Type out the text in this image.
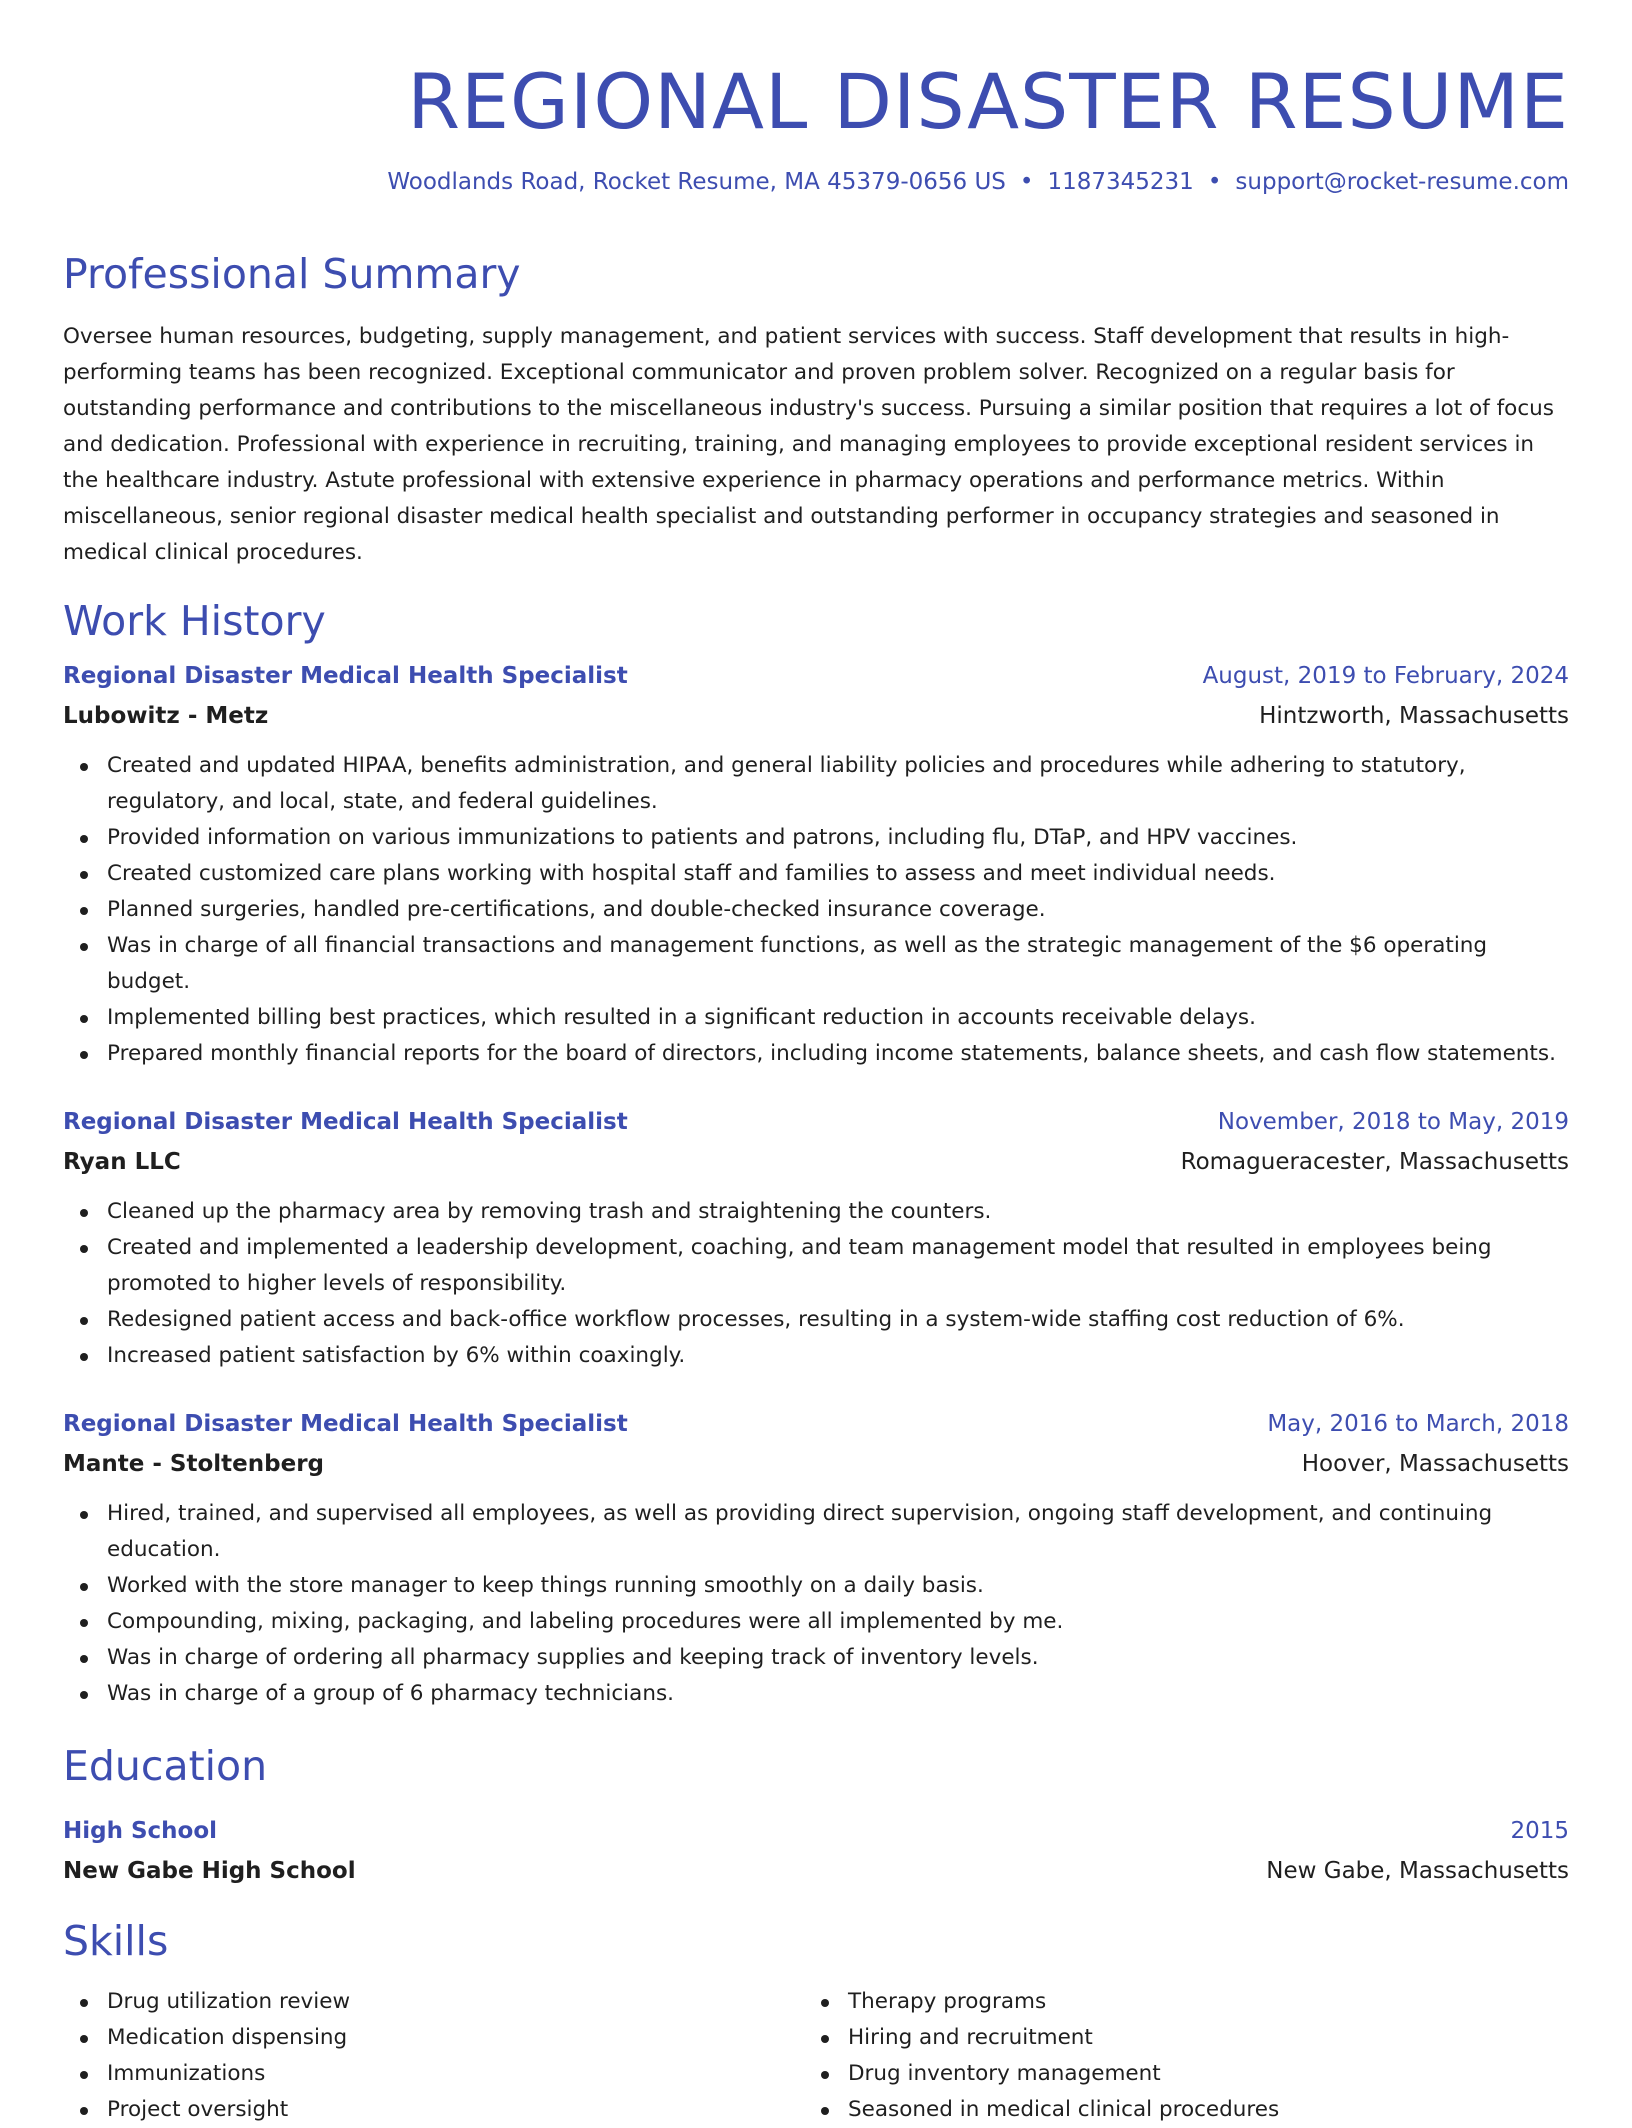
REGIONAL DISASTER RESUME
Woodlands Road, Rocket Resume, MA 45379-0656 US • 1187345231 • support@rocket-resume.com
Professional Summary

Oversee human resources, budgeting, supply management, and patient services with success. Staff development that results in high-performing teams has been recognized. Exceptional communicator and proven problem solver. Recognized on a regular basis for outstanding performance and contributions to the miscellaneous industry's success. Pursuing a similar position that requires a lot of focus and dedication. Professional with experience in recruiting, training, and managing employees to provide exceptional resident services in the healthcare industry. Astute professional with extensive experience in pharmacy operations and performance metrics. Within miscellaneous, senior regional disaster medical health specialist and outstanding performer in occupancy strategies and seasoned in medical clinical procedures.

Work History
Regional Disaster Medical Health Specialist	August, 2019 to February, 2024
Lubowitz - Metz	Hintzworth, Massachusetts
Created and updated HIPAA, benefits administration, and general liability policies and procedures while adhering to statutory, regulatory, and local, state, and federal guidelines.
Provided information on various immunizations to patients and patrons, including flu, DTaP, and HPV vaccines.
Created customized care plans working with hospital staff and families to assess and meet individual needs.
Planned surgeries, handled pre-certifications, and double-checked insurance coverage.
Was in charge of all financial transactions and management functions, as well as the strategic management of the $6 operating budget.
Implemented billing best practices, which resulted in a significant reduction in accounts receivable delays.
Prepared monthly financial reports for the board of directors, including income statements, balance sheets, and cash flow statements.
Regional Disaster Medical Health Specialist	November, 2018 to May, 2019
Ryan LLC	Romagueracester, Massachusetts
Cleaned up the pharmacy area by removing trash and straightening the counters.
Created and implemented a leadership development, coaching, and team management model that resulted in employees being promoted to higher levels of responsibility.
Redesigned patient access and back-office workflow processes, resulting in a system-wide staffing cost reduction of 6%.
Increased patient satisfaction by 6% within coaxingly.
Regional Disaster Medical Health Specialist	May, 2016 to March, 2018
Mante - Stoltenberg	Hoover, Massachusetts
Hired, trained, and supervised all employees, as well as providing direct supervision, ongoing staff development, and continuing education.
Worked with the store manager to keep things running smoothly on a daily basis.
Compounding, mixing, packaging, and labeling procedures were all implemented by me.
Was in charge of ordering all pharmacy supplies and keeping track of inventory levels.
Was in charge of a group of 6 pharmacy technicians.
Education
High School	2015
New Gabe High School	New Gabe, Massachusetts
Skills
Drug utilization review
Medication dispensing
Immunizations
Project oversight
Therapy programs
Hiring and recruitment
Drug inventory management
Seasoned in medical clinical procedures
